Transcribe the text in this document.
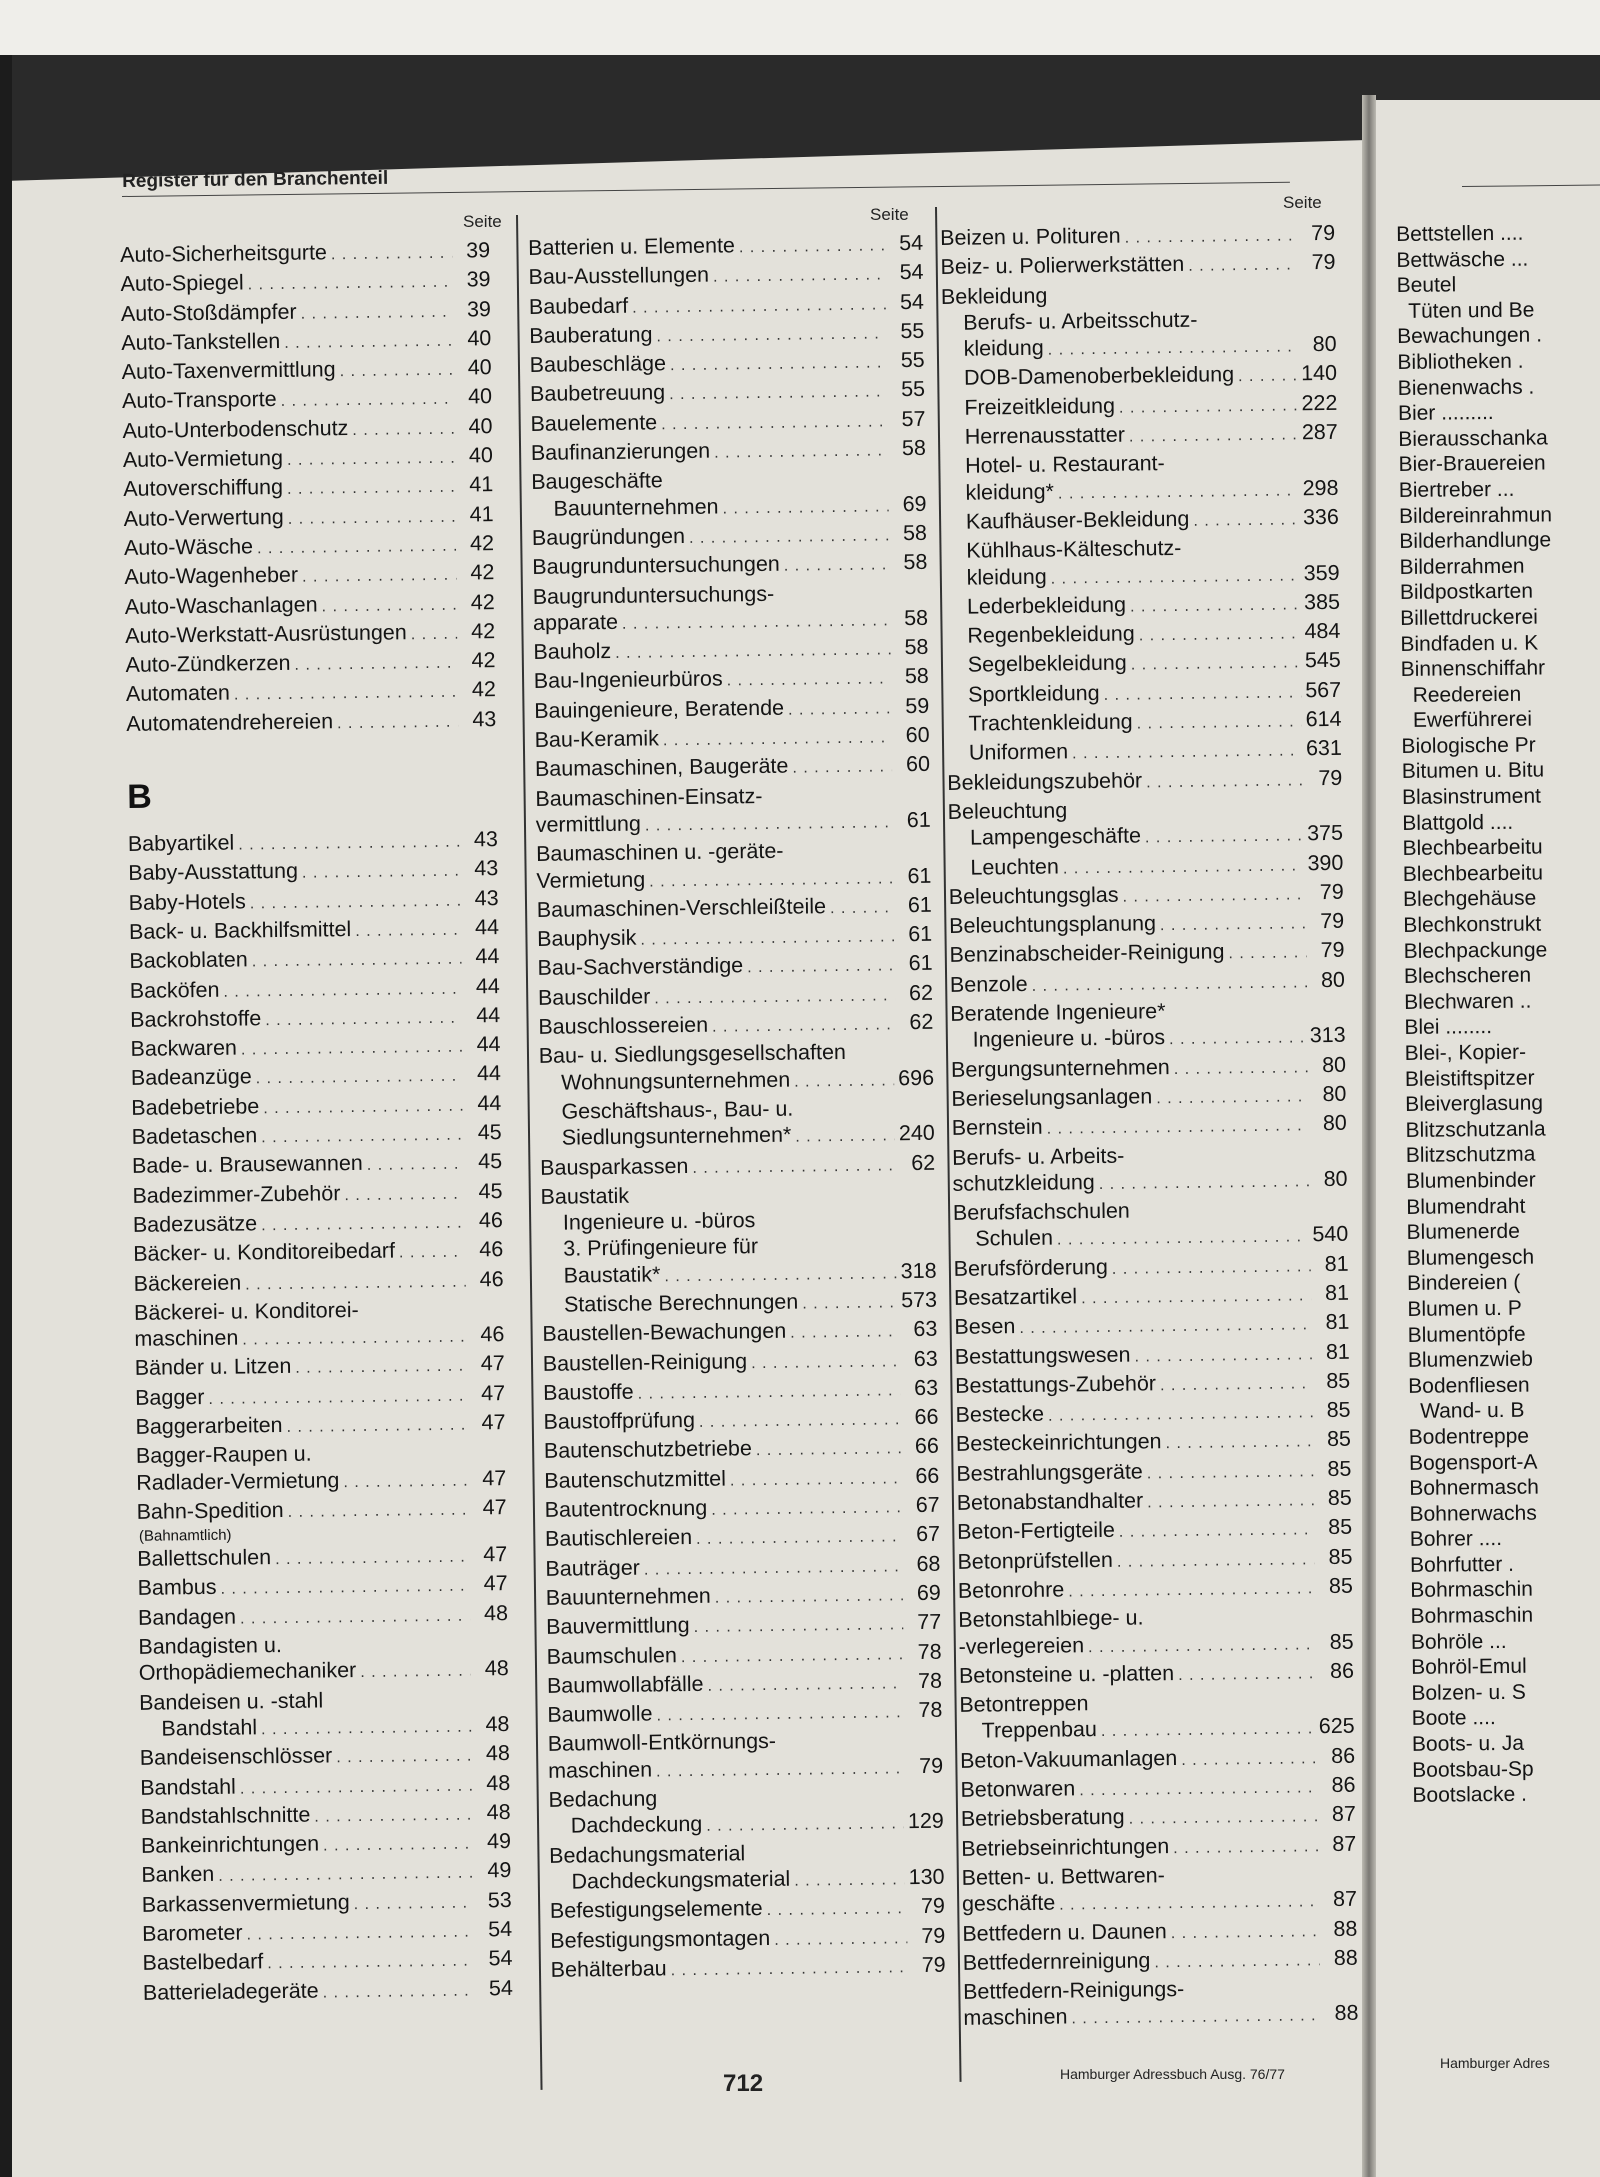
Register für den Branchenteil
Seite	Seite
Seite
Auto-Sicherheitsgurte . . .	39
Auto-Spiegel . . .	39
Auto-Stoßdämpfer . . .	39
Auto-Tankstellen . . .	40
Auto-Taxenvermittlung . . .	40
Auto-Transporte . . .	40
Auto-Unterbodenschutz . . .	40
Auto-Vermietung . . .	40
Autoverschiffung . . .	41
Auto-Verwertung . . .	41
Auto-Wäsche . . .	42
Auto-Wagenheber . . .	42
Auto-Waschanlagen . . .	42
Auto-Werkstatt-Ausrüstungen . . .	42
Auto-Zündkerzen . . .	42
Automaten . . .	42
Automatendrehereien . . .	43
B
Babyartikel . . .	43
Baby-Ausstattung . . .	43
Baby-Hotels . . .	43
Back- u. Backhilfsmittel . . .	44
Backoblaten . . .	44
Backöfen . . .	44
Backrohstoffe . . .	44
Backwaren . . .	44
Badeanzüge . . .	44
Badebetriebe . . .	44
Badetaschen . . .	45
Bade- u. Brausewannen . . .	45
Badezimmer-Zubehör . . .	45
Badezusätze . . .	46
Bäcker- u. Konditoreibedarf . . .	46
Bäckereien . . .	46
Bäckerei- u. Konditorei-
maschinen . . .	46
Bänder u. Litzen . . .	47
Bagger . . .	47
Baggerarbeiten . . .	47
Bagger-Raupen u.
Radlader-Vermietung . . .	47
Bahn-Spedition . . .	47
(Bahnamtlich)
Ballettschulen . . .	47
Bambus . . .	47
Bandagen . . .	48
Bandagisten u.
Orthopädiemechaniker . . .	48
Bandeisen u. -stahl
Bandstahl . . .	48
Bandeisenschlösser . . .	48
Bandstahl . . .	48
Bandstahlschnitte . . .	48
Bankeinrichtungen . . .	49
Banken . . .	49
Barkassenvermietung . . .	53
Barometer . . .	54
Bastelbedarf . . .	54
Batterieladegeräte . . .	54
Batterien u. Elemente . . .	54
Bau-Ausstellungen . . .	54
Baubedarf . . .	54
Bauberatung . . .	55
Baubeschläge . . .	55
Baubetreuung . . .	55
Bauelemente . . .	57
Baufinanzierungen . . .	58
Baugeschäfte
Bauunternehmen . . .	69
Baugründungen . . .	58
Baugrunduntersuchungen . . .	58
Baugrunduntersuchungs-
apparate . . .	58
Bauholz . . .	58
Bau-Ingenieurbüros . . .	58
Bauingenieure, Beratende . . .	59
Bau-Keramik . . .	60
Baumaschinen, Baugeräte . . .	60
Baumaschinen-Einsatz-
vermittlung . . .	61
Baumaschinen u. -geräte-
Vermietung . . .	61
Baumaschinen-Verschleißteile . . .	61
Bauphysik . . .	61
Bau-Sachverständige . . .	61
Bauschilder . . .	62
Bauschlossereien . . .	62
Bau- u. Siedlungsgesellschaften
Wohnungsunternehmen . . .	696
Geschäftshaus-, Bau- u.
Siedlungsunternehmen* . . .	240
Bausparkassen . . .	62
Baustatik
Ingenieure u. -büros
3. Prüfingenieure für
Baustatik* . . .	318
Statische Berechnungen . . .	573
Baustellen-Bewachungen . . .	63
Baustellen-Reinigung . . .	63
Baustoffe . . .	63
Baustoffprüfung . . .	66
Bautenschutzbetriebe . . .	66
Bautenschutzmittel . . .	66
Bautentrocknung . . .	67
Bautischlereien . . .	67
Bauträger . . .	68
Bauunternehmen . . .	69
Bauvermittlung . . .	77
Baumschulen . . .	78
Baumwollabfälle . . .	78
Baumwolle . . .	78
Baumwoll-Entkörnungs-
maschinen . . .	79
Bedachung
Dachdeckung . . .	129
Bedachungsmaterial
Dachdeckungsmaterial . . .	130
Befestigungselemente . . .	79
Befestigungsmontagen . . .	79
Behälterbau . . .	79
Beizen u. Polituren . . .	79
Beiz- u. Polierwerkstätten . . .	79
Bekleidung
Berufs- u. Arbeitsschutz-
kleidung . . .	80
DOB-Damenoberbekleidung . . .	140
Freizeitkleidung . . .	222
Herrenausstatter . . .	287
Hotel- u. Restaurant-
kleidung* . . .	298
Kaufhäuser-Bekleidung . . .	336
Kühlhaus-Kälteschutz-
kleidung . . .	359
Lederbekleidung . . .	385
Regenbekleidung . . .	484
Segelbekleidung . . .	545
Sportkleidung . . .	567
Trachtenkleidung . . .	614
Uniformen . . .	631
Bekleidungszubehör . . .	79
Beleuchtung
Lampengeschäfte . . .	375
Leuchten . . .	390
Beleuchtungsglas . . .	79
Beleuchtungsplanung . . .	79
Benzinabscheider-Reinigung . . .	79
Benzole . . .	80
Beratende Ingenieure*
Ingenieure u. -büros . . .	313
Bergungsunternehmen . . .	80
Berieselungsanlagen . . .	80
Bernstein . . .	80
Berufs- u. Arbeits-
schutzkleidung . . .	80
Berufsfachschulen
Schulen . . .	540
Berufsförderung . . .	81
Besatzartikel . . .	81
Besen . . .	81
Bestattungswesen . . .	81
Bestattungs-Zubehör . . .	85
Bestecke . . .	85
Besteckeinrichtungen . . .	85
Bestrahlungsgeräte . . .	85
Betonabstandhalter . . .	85
Beton-Fertigteile . . .	85
Betonprüfstellen . . .	85
Betonrohre . . .	85
Betonstahlbiege- u.
-verlegereien . . .	85
Betonsteine u. -platten . . .	86
Betontreppen
Treppenbau . . .	625
Beton-Vakuumanlagen . . .	86
Betonwaren . . .	86
Betriebsberatung . . .	87
Betriebseinrichtungen . . .	87
Betten- u. Bettwaren-
geschäfte . . .	87
Bettfedern u. Daunen . . .	88
Bettfedernreinigung . . .	88
Bettfedern-Reinigungs-
maschinen . . .	88
Bettstellen ....
Bettwäsche ...
Beutel
Tüten und Be
Bewachungen .
Bibliotheken .
Bienenwachs .
Bier .........
Bierausschanka
Bier-Brauereien
Biertreber ...
Bildereinrahmun
Bilderhandlunge
Bilderrahmen
Bildpostkarten
Billettdruckerei
Bindfaden u. K
Binnenschiffahr
Reedereien
Ewerführerei
Biologische Pr
Bitumen u. Bitu
Blasinstrument
Blattgold ....
Blechbearbeitu
Blechbearbeitu
Blechgehäuse
Blechkonstrukt
Blechpackunge
Blechscheren
Blechwaren ..
Blei ........
Blei-, Kopier-
Bleistiftspitzer
Bleiverglasung
Blitzschutzanla
Blitzschutzma
Blumenbinder
Blumendraht
Blumenerde
Blumengesch
Bindereien (
Blumen u. P
Blumentöpfe
Blumenzwieb
Bodenfliesen
Wand- u. B
Bodentreppe
Bogensport-A
Bohnermasch
Bohnerwachs
Bohrer ....
Bohrfutter .
Bohrmaschin
Bohrmaschin
Bohröle ...
Bohröl-Emul
Bolzen- u. S
Boote ....
Boots- u. Ja
Bootsbau-Sp
Bootslacke .
712	Hamburger Adressbuch Ausg. 76/77
Hamburger Adres
